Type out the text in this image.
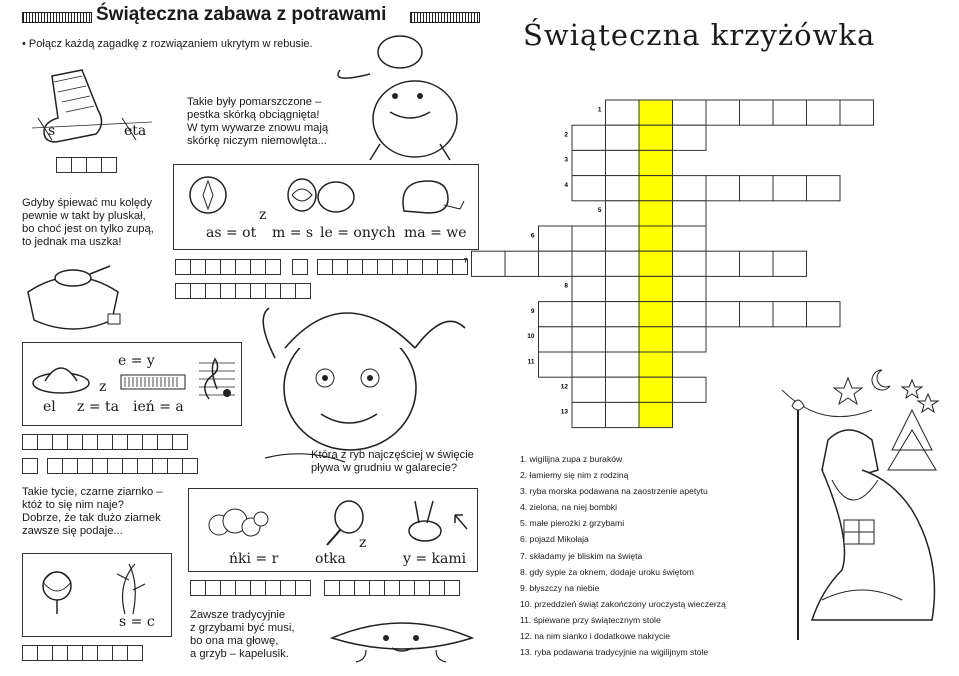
Świąteczna zabawa z potrawami
• Połącz każdą zagadkę z rozwiązaniem ukrytym w rebusie.
s	eta
Takie były pomarszczone –
pestka skórką obciągnięta!
W tym wywarze znowu mają
skórkę niczym niemowlęta...
z
as = ot m = s le = onych ma = we
Gdyby śpiewać mu kolędy
pewnie w takt by pluskał,
bo choć jest on tylko zupą,
to jednak ma uszka!
e = y
z
el z = ta ień = a
Która z ryb najczęściej w święcie
pływa w grudniu w galarecie?
Takie tycie, czarne ziarnko –
któż to się nim naje?
Dobrze, że tak dużo ziarnek
zawsze się podaje...
z
ńki = r	otka	y = kami
s = c	Zawsze tradycyjnie
z grzybami być musi,
bo ona ma głowę,
a grzyb – kapelusik.
Świąteczna krzyżówka
1
2
3
4
5
6
7
8
9
10
11
12
13
1. wigilijna zupa z buraków
2. łamiemy się nim z rodziną
3. ryba morska podawana na zaostrzenie apetytu
4. zielona, na niej bombki
5. małe pierożki z grzybami
6. pojazd Mikołaja
7. składamy je bliskim na święta
8. gdy sypie za oknem, dodaje uroku świętom
9. błyszczy na niebie
10. przeddzień świąt zakończony uroczystą wieczerzą
11. śpiewane przy świątecznym stole
12. na nim sianko i dodatkowe nakrycie
13. ryba podawana tradycyjnie na wigilijnym stole
